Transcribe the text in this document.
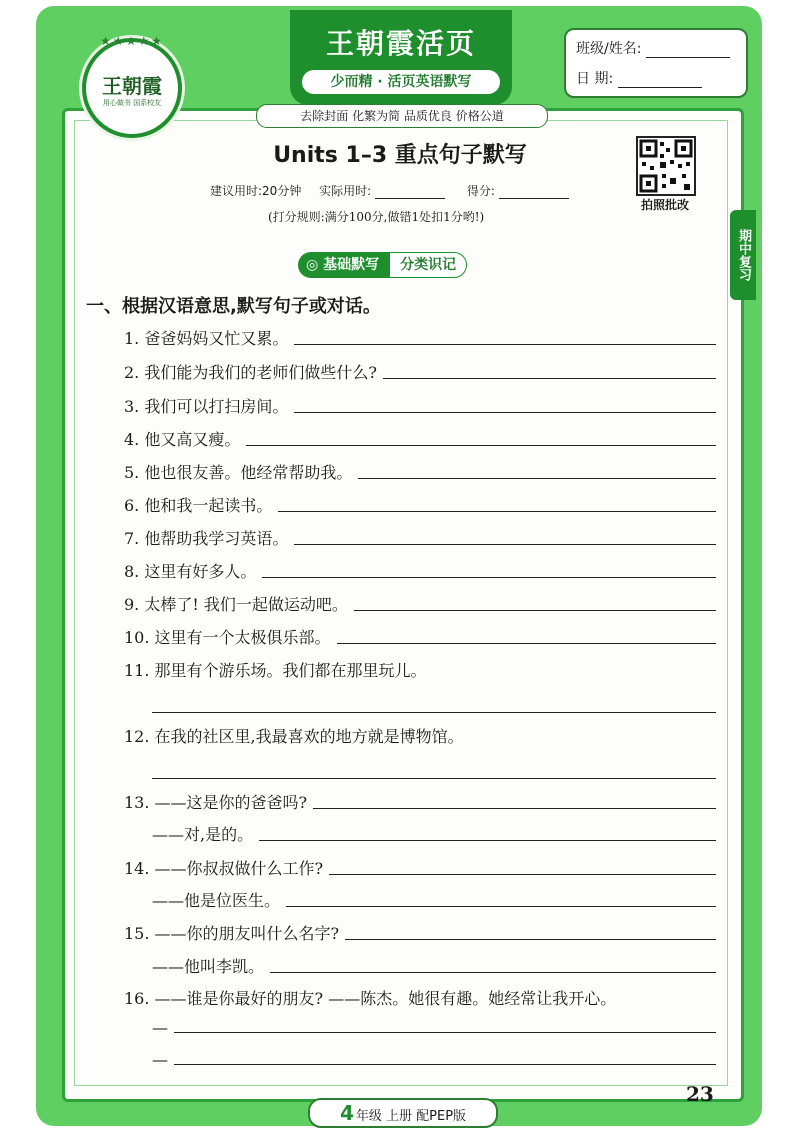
★★★★★
王朝霞
用心做书 国系校友
王朝霞活页
少而精 · 活页英语默写
去除封面 化繁为简 品质优良 价格公道
班级/姓名:
日 期:
Units 1–3 重点句子默写
建议用时:20分钟 实际用时:	得分:
(打分规则:满分100分,做错1处扣1分哟!)
拍照批改
期中复习
◎ 基础默写	分类识记
一、根据汉语意思,默写句子或对话。
1. 爸爸妈妈又忙又累。
2. 我们能为我们的老师们做些什么?
3. 我们可以打扫房间。
4. 他又高又瘦。
5. 他也很友善。他经常帮助我。
6. 他和我一起读书。
7. 他帮助我学习英语。
8. 这里有好多人。
9. 太棒了! 我们一起做运动吧。
10. 这里有一个太极俱乐部。
11. 那里有个游乐场。我们都在那里玩儿。
12. 在我的社区里,我最喜欢的地方就是博物馆。
13. ——这是你的爸爸吗?
——对,是的。
14. ——你叔叔做什么工作?
——他是位医生。
15. ——你的朋友叫什么名字?
——他叫李凯。
16. ——谁是你最好的朋友? ——陈杰。她很有趣。她经常让我开心。
—
—
4 年级 上册 配PEP版
23
